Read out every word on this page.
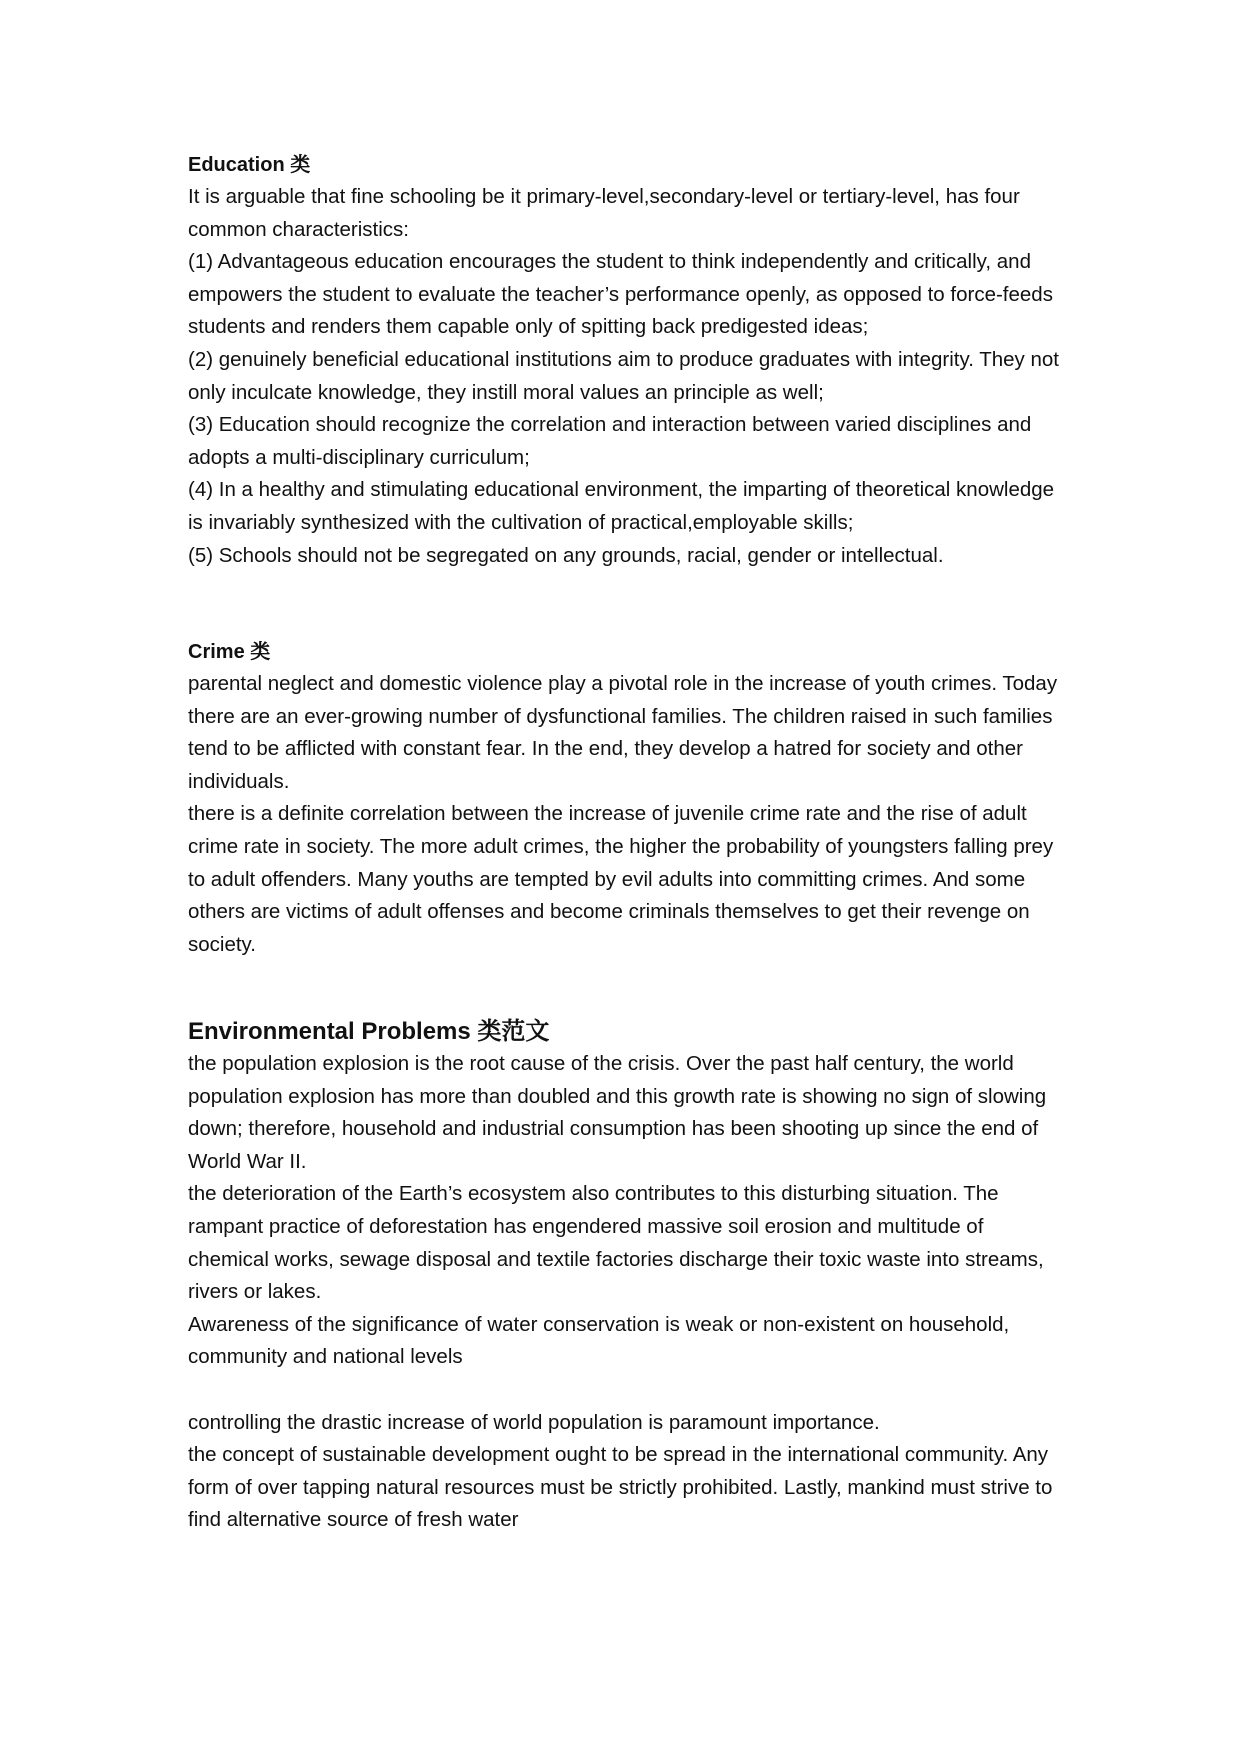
Education 类

It is arguable that fine schooling be it primary-level,secondary-level or tertiary-level, has four common characteristics:

(1) Advantageous education encourages the student to think independently and critically, and empowers the student to evaluate the teacher’s performance openly, as opposed to force-feeds students and renders them capable only of spitting back predigested ideas;

(2) genuinely beneficial educational institutions aim to produce graduates with integrity. They not only inculcate knowledge, they instill moral values an principle as well;

(3) Education should recognize the correlation and interaction between varied disciplines and adopts a multi-disciplinary curriculum;

(4) In a healthy and stimulating educational environment, the imparting of theoretical knowledge is invariably synthesized with the cultivation of practical,employable skills;

(5) Schools should not be segregated on any grounds, racial, gender or intellectual.

Crime 类

parental neglect and domestic violence play a pivotal role in the increase of youth crimes. Today there are an ever-growing number of dysfunctional families. The children raised in such families tend to be afflicted with constant fear. In the end, they develop a hatred for society and other individuals.

there is a definite correlation between the increase of juvenile crime rate and the rise of adult crime rate in society. The more adult crimes, the higher the probability of youngsters falling prey to adult offenders. Many youths are tempted by evil adults into committing crimes. And some others are victims of adult offenses and become criminals themselves to get their revenge on society.

Environmental Problems 类范文

the population explosion is the root cause of the crisis. Over the past half century, the world population explosion has more than doubled and this growth rate is showing no sign of slowing down; therefore, household and industrial consumption has been shooting up since the end of World War II.

the deterioration of the Earth’s ecosystem also contributes to this disturbing situation. The rampant practice of deforestation has engendered massive soil erosion and multitude of chemical works, sewage disposal and textile factories discharge their toxic waste into streams, rivers or lakes.

Awareness of the significance of water conservation is weak or non-existent on household, community and national levels

controlling the drastic increase of world population is paramount importance.

the concept of sustainable development ought to be spread in the international community. Any form of over tapping natural resources must be strictly prohibited. Lastly, mankind must strive to find alternative source of fresh water
